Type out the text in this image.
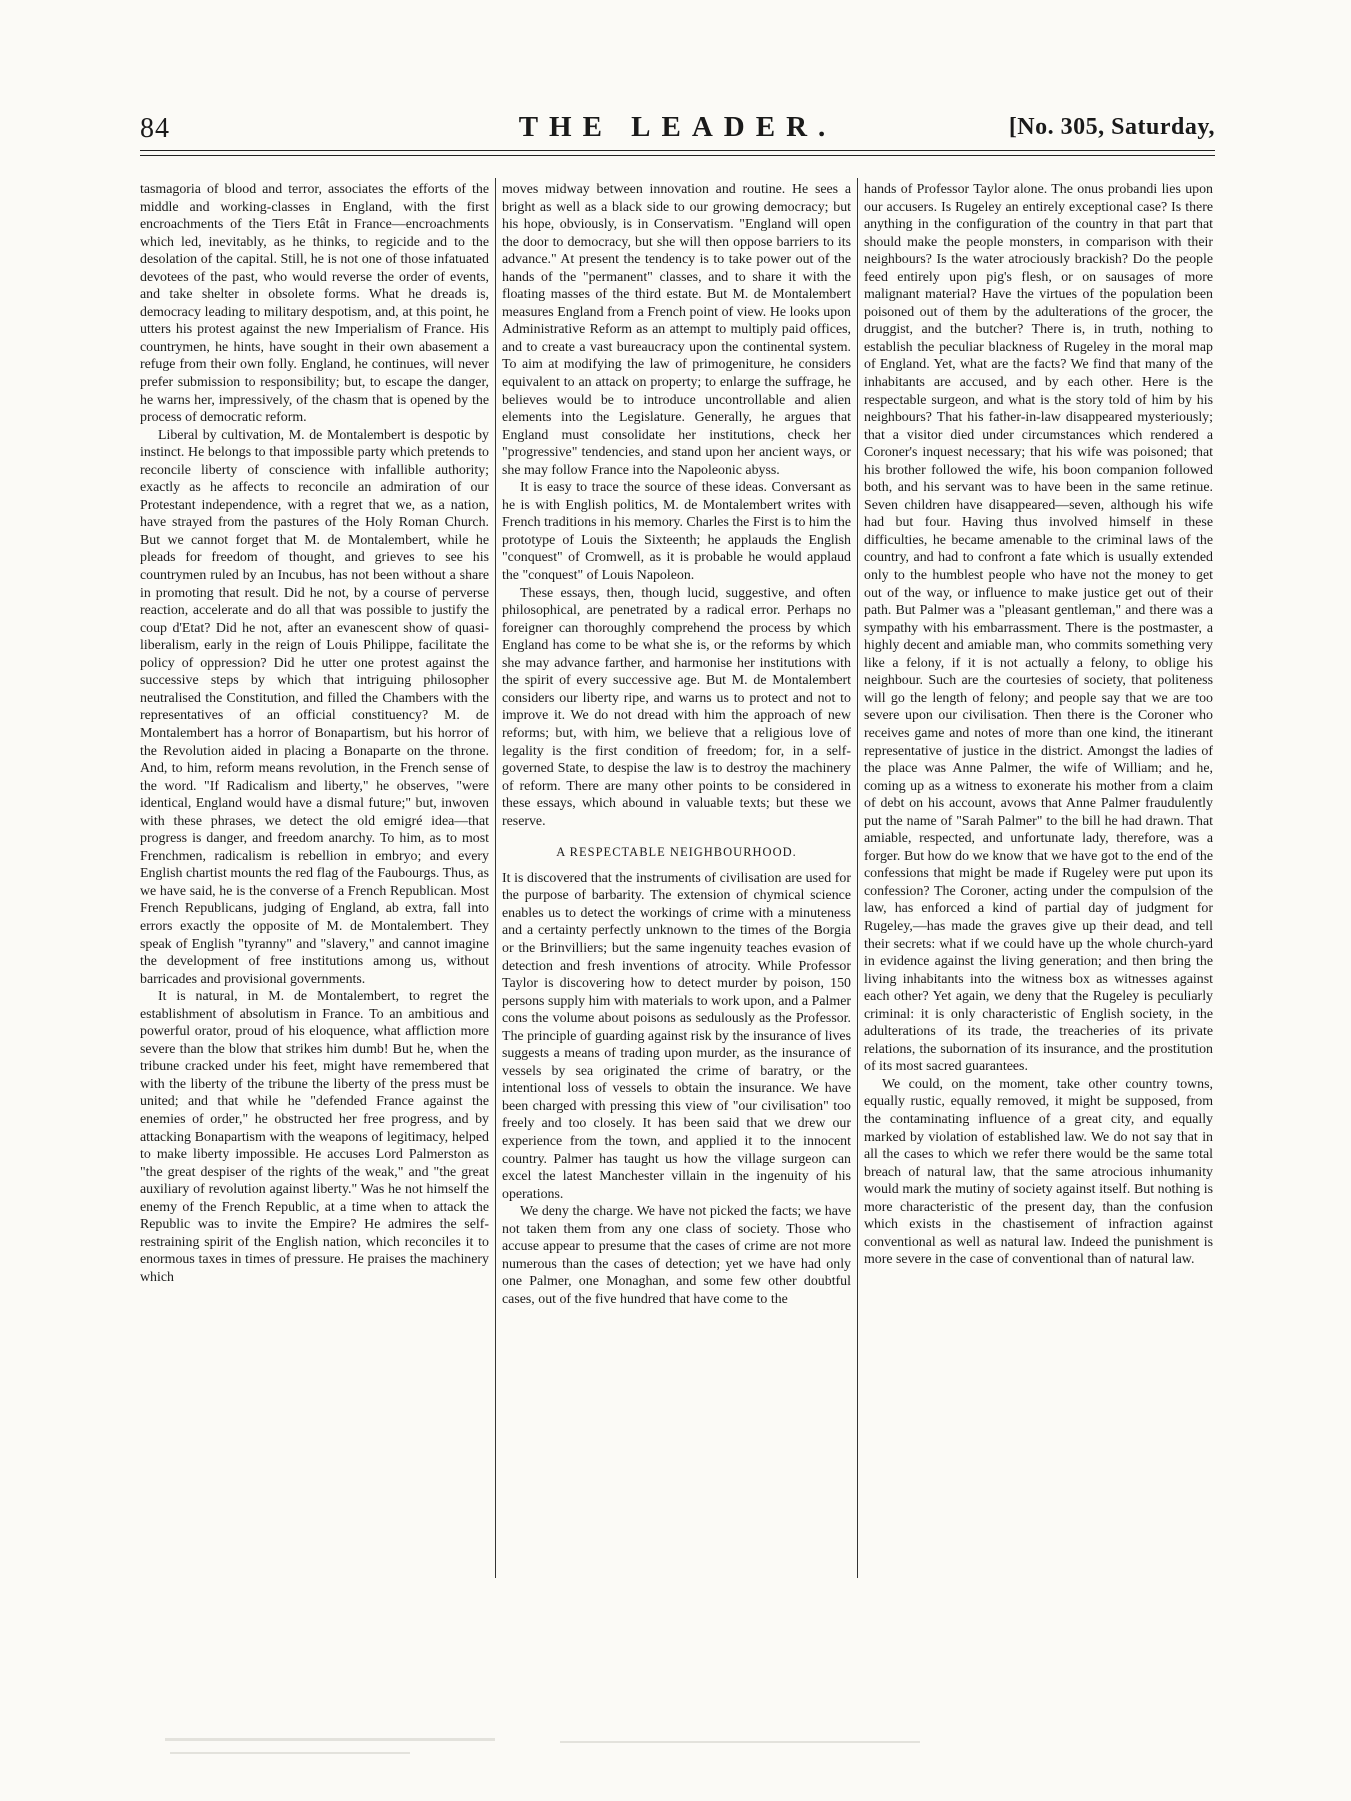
84	THE LEADER.	[No. 305, Saturday,

tasmagoria of blood and terror, associates the efforts of the middle and working-classes in England, with the first encroachments of the Tiers Etât in France—encroachments which led, inevitably, as he thinks, to regicide and to the desolation of the capital. Still, he is not one of those infatuated devotees of the past, who would reverse the order of events, and take shelter in obsolete forms. What he dreads is, democracy leading to military despotism, and, at this point, he utters his protest against the new Imperialism of France. His countrymen, he hints, have sought in their own abasement a refuge from their own folly. England, he continues, will never prefer submission to responsibility; but, to escape the danger, he warns her, impressively, of the chasm that is opened by the process of democratic reform.

Liberal by cultivation, M. de Montalembert is despotic by instinct. He belongs to that impossible party which pretends to reconcile liberty of conscience with infallible authority; exactly as he affects to reconcile an admiration of our Protestant independence, with a regret that we, as a nation, have strayed from the pastures of the Holy Roman Church. But we cannot forget that M. de Montalembert, while he pleads for freedom of thought, and grieves to see his countrymen ruled by an Incubus, has not been without a share in promoting that result. Did he not, by a course of perverse reaction, accelerate and do all that was possible to justify the coup d'Etat? Did he not, after an evanescent show of quasi-liberalism, early in the reign of Louis Philippe, facilitate the policy of oppression? Did he utter one protest against the successive steps by which that intriguing philosopher neutralised the Constitution, and filled the Chambers with the representatives of an official constituency? M. de Montalembert has a horror of Bonapartism, but his horror of the Revolution aided in placing a Bonaparte on the throne. And, to him, reform means revolution, in the French sense of the word. "If Radicalism and liberty," he observes, "were identical, England would have a dismal future;" but, inwoven with these phrases, we detect the old emigré idea—that progress is danger, and freedom anarchy. To him, as to most Frenchmen, radicalism is rebellion in embryo; and every English chartist mounts the red flag of the Faubourgs. Thus, as we have said, he is the converse of a French Republican. Most French Republicans, judging of England, ab extra, fall into errors exactly the opposite of M. de Montalembert. They speak of English "tyranny" and "slavery," and cannot imagine the development of free institutions among us, without barricades and provisional governments.

It is natural, in M. de Montalembert, to regret the establishment of absolutism in France. To an ambitious and powerful orator, proud of his eloquence, what affliction more severe than the blow that strikes him dumb! But he, when the tribune cracked under his feet, might have remembered that with the liberty of the tribune the liberty of the press must be united; and that while he "defended France against the enemies of order," he obstructed her free progress, and by attacking Bonapartism with the weapons of legitimacy, helped to make liberty impossible. He accuses Lord Palmerston as "the great despiser of the rights of the weak," and "the great auxiliary of revolution against liberty." Was he not himself the enemy of the French Republic, at a time when to attack the Republic was to invite the Empire? He admires the self-restraining spirit of the English nation, which reconciles it to enormous taxes in times of pressure. He praises the machinery which

moves midway between innovation and routine. He sees a bright as well as a black side to our growing democracy; but his hope, obviously, is in Conservatism. "England will open the door to democracy, but she will then oppose barriers to its advance." At present the tendency is to take power out of the hands of the "permanent" classes, and to share it with the floating masses of the third estate. But M. de Montalembert measures England from a French point of view. He looks upon Administrative Reform as an attempt to multiply paid offices, and to create a vast bureaucracy upon the continental system. To aim at modifying the law of primogeniture, he considers equivalent to an attack on property; to enlarge the suffrage, he believes would be to introduce uncontrollable and alien elements into the Legislature. Generally, he argues that England must consolidate her institutions, check her "progressive" tendencies, and stand upon her ancient ways, or she may follow France into the Napoleonic abyss.

It is easy to trace the source of these ideas. Conversant as he is with English politics, M. de Montalembert writes with French traditions in his memory. Charles the First is to him the prototype of Louis the Sixteenth; he applauds the English "conquest" of Cromwell, as it is probable he would applaud the "conquest" of Louis Napoleon.

These essays, then, though lucid, suggestive, and often philosophical, are penetrated by a radical error. Perhaps no foreigner can thoroughly comprehend the process by which England has come to be what she is, or the reforms by which she may advance farther, and harmonise her institutions with the spirit of every successive age. But M. de Montalembert considers our liberty ripe, and warns us to protect and not to improve it. We do not dread with him the approach of new reforms; but, with him, we believe that a religious love of legality is the first condition of freedom; for, in a self-governed State, to despise the law is to destroy the machinery of reform. There are many other points to be considered in these essays, which abound in valuable texts; but these we reserve.

A RESPECTABLE NEIGHBOURHOOD.

It is discovered that the instruments of civilisation are used for the purpose of barbarity. The extension of chymical science enables us to detect the workings of crime with a minuteness and a certainty perfectly unknown to the times of the Borgia or the Brinvilliers; but the same ingenuity teaches evasion of detection and fresh inventions of atrocity. While Professor Taylor is discovering how to detect murder by poison, 150 persons supply him with materials to work upon, and a Palmer cons the volume about poisons as sedulously as the Professor. The principle of guarding against risk by the insurance of lives suggests a means of trading upon murder, as the insurance of vessels by sea originated the crime of baratry, or the intentional loss of vessels to obtain the insurance. We have been charged with pressing this view of "our civilisation" too freely and too closely. It has been said that we drew our experience from the town, and applied it to the innocent country. Palmer has taught us how the village surgeon can excel the latest Manchester villain in the ingenuity of his operations.

We deny the charge. We have not picked the facts; we have not taken them from any one class of society. Those who accuse appear to presume that the cases of crime are not more numerous than the cases of detection; yet we have had only one Palmer, one Monaghan, and some few other doubtful cases, out of the five hundred that have come to the

hands of Professor Taylor alone. The onus probandi lies upon our accusers. Is Rugeley an entirely exceptional case? Is there anything in the configuration of the country in that part that should make the people monsters, in comparison with their neighbours? Is the water atrociously brackish? Do the people feed entirely upon pig's flesh, or on sausages of more malignant material? Have the virtues of the population been poisoned out of them by the adulterations of the grocer, the druggist, and the butcher? There is, in truth, nothing to establish the peculiar blackness of Rugeley in the moral map of England. Yet, what are the facts? We find that many of the inhabitants are accused, and by each other. Here is the respectable surgeon, and what is the story told of him by his neighbours? That his father-in-law disappeared mysteriously; that a visitor died under circumstances which rendered a Coroner's inquest necessary; that his wife was poisoned; that his brother followed the wife, his boon companion followed both, and his servant was to have been in the same retinue. Seven children have disappeared—seven, although his wife had but four. Having thus involved himself in these difficulties, he became amenable to the criminal laws of the country, and had to confront a fate which is usually extended only to the humblest people who have not the money to get out of the way, or influence to make justice get out of their path. But Palmer was a "pleasant gentleman," and there was a sympathy with his embarrassment. There is the postmaster, a highly decent and amiable man, who commits something very like a felony, if it is not actually a felony, to oblige his neighbour. Such are the courtesies of society, that politeness will go the length of felony; and people say that we are too severe upon our civilisation. Then there is the Coroner who receives game and notes of more than one kind, the itinerant representative of justice in the district. Amongst the ladies of the place was Anne Palmer, the wife of William; and he, coming up as a witness to exonerate his mother from a claim of debt on his account, avows that Anne Palmer fraudulently put the name of "Sarah Palmer" to the bill he had drawn. That amiable, respected, and unfortunate lady, therefore, was a forger. But how do we know that we have got to the end of the confessions that might be made if Rugeley were put upon its confession? The Coroner, acting under the compulsion of the law, has enforced a kind of partial day of judgment for Rugeley,—has made the graves give up their dead, and tell their secrets: what if we could have up the whole church-yard in evidence against the living generation; and then bring the living inhabitants into the witness box as witnesses against each other? Yet again, we deny that the Rugeley is peculiarly criminal: it is only characteristic of English society, in the adulterations of its trade, the treacheries of its private relations, the subornation of its insurance, and the prostitution of its most sacred guarantees.

We could, on the moment, take other country towns, equally rustic, equally removed, it might be supposed, from the contaminating influence of a great city, and equally marked by violation of established law. We do not say that in all the cases to which we refer there would be the same total breach of natural law, that the same atrocious inhumanity would mark the mutiny of society against itself. But nothing is more characteristic of the present day, than the confusion which exists in the chastisement of infraction against conventional as well as natural law. Indeed the punishment is more severe in the case of conventional than of natural law.
